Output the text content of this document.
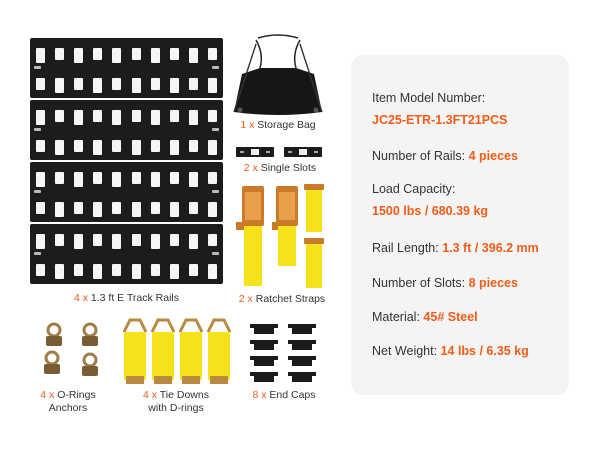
4 x 1.3 ft E Track Rails
1 x Storage Bag
2 x Single Slots
2 x Ratchet Straps
4 x O-Rings
Anchors
4 x Tie Downs
with D-rings
8 x End Caps
Item Model Number:
JC25-ETR-1.3FT21PCS
Number of Rails: 4 pieces
Load Capacity:
1500 lbs / 680.39 kg
Rail Length: 1.3 ft / 396.2 mm
Number of Slots: 8 pieces
Material: 45# Steel
Net Weight: 14 lbs / 6.35 kg
